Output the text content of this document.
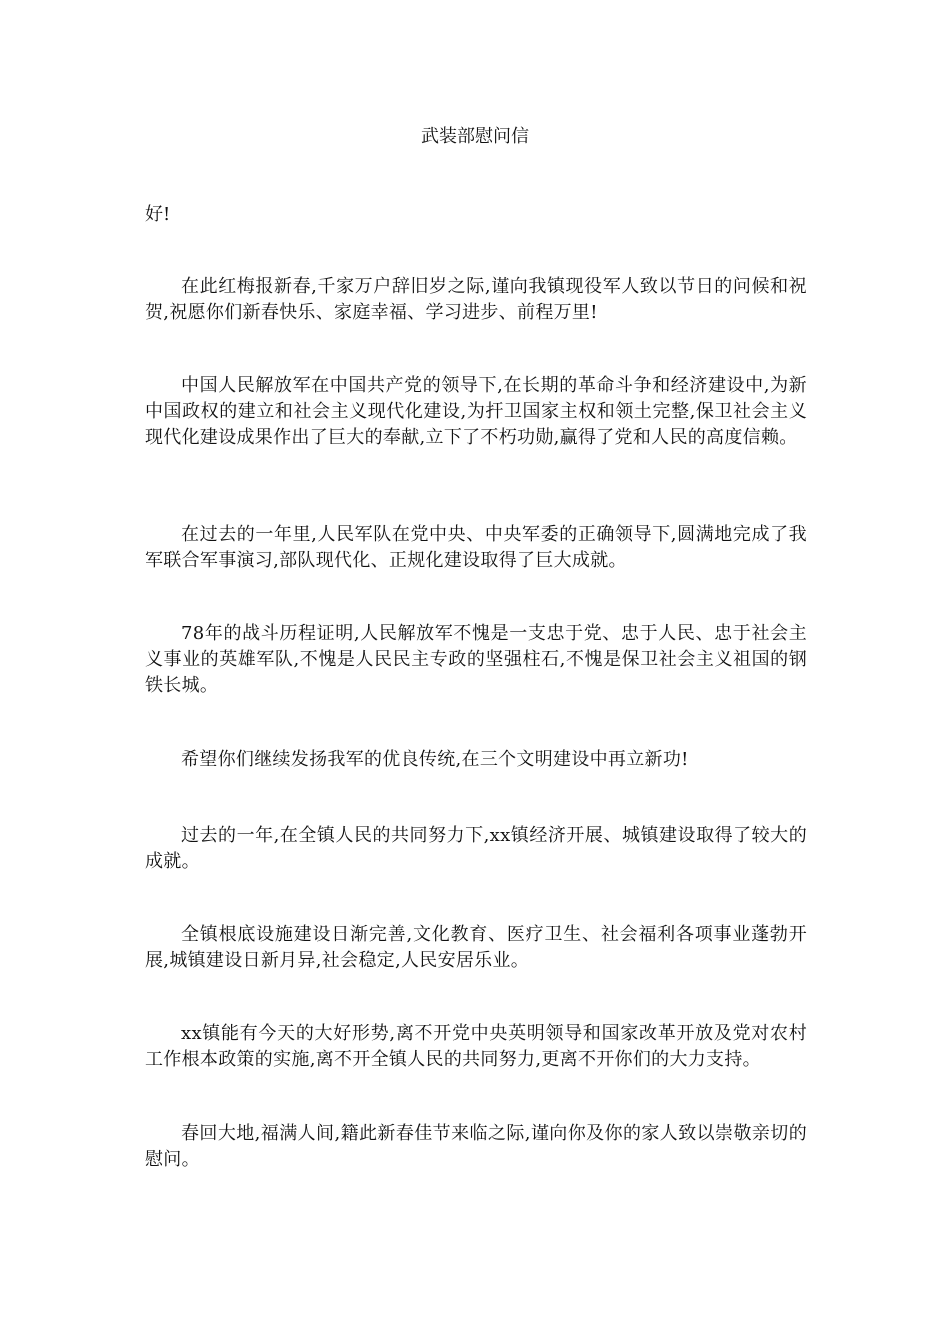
武装部慰问信

好!

在此红梅报新春,千家万户辞旧岁之际,谨向我镇现役军人致以节日的问候和祝贺,祝愿你们新春快乐、家庭幸福、学习进步、前程万里!

中国人民解放军在中国共产党的领导下,在长期的革命斗争和经济建设中,为新中国政权的建立和社会主义现代化建设,为扞卫国家主权和领土完整,保卫社会主义现代化建设成果作出了巨大的奉献,立下了不朽功勋,赢得了党和人民的高度信赖。

在过去的一年里,人民军队在党中央、中央军委的正确领导下,圆满地完成了我军联合军事演习,部队现代化、正规化建设取得了巨大成就。

78年的战斗历程证明,人民解放军不愧是一支忠于党、忠于人民、忠于社会主义事业的英雄军队,不愧是人民民主专政的坚强柱石,不愧是保卫社会主义祖国的钢铁长城。

希望你们继续发扬我军的优良传统,在三个文明建设中再立新功!

过去的一年,在全镇人民的共同努力下,xx镇经济开展、城镇建设取得了较大的成就。

全镇根底设施建设日渐完善,文化教育、医疗卫生、社会福利各项事业蓬勃开展,城镇建设日新月异,社会稳定,人民安居乐业。

xx镇能有今天的大好形势,离不开党中央英明领导和国家改革开放及党对农村工作根本政策的实施,离不开全镇人民的共同努力,更离不开你们的大力支持。

春回大地,福满人间,籍此新春佳节来临之际,谨向你及你的家人致以崇敬亲切的慰问。
